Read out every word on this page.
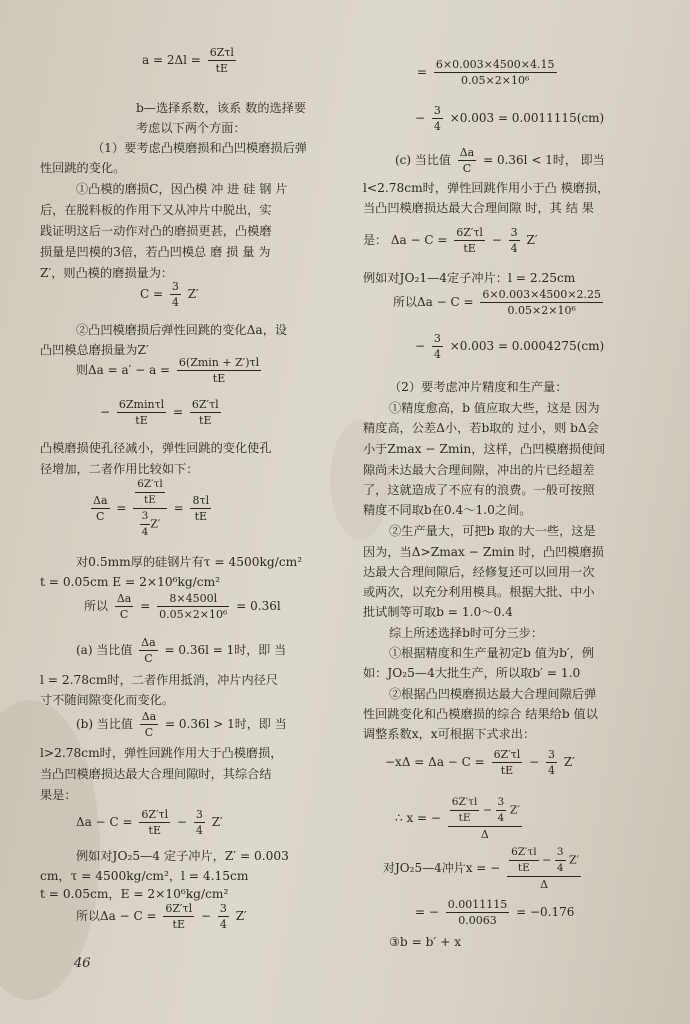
$a = 2\Delta l = \frac{\text{6Zτl}}{tE}$
b—选择系数，该系 数的选择要
考虑以下两个方面：
（1）要考虑凸模磨损和凸凹模磨损后弹
性回跳的变化。
①凸模的磨损C，因凸模 冲 进 硅 钢 片
后，在脱料板的作用下又从冲片中脱出，实
践证明这后一动作对凸的磨损更甚，凸模磨
损量是凹模的3倍，若凸凹模总 磨 损 量 为
Z′，则凸模的磨损量为：
$C = \frac{3}{4} Z'$
②凸凹模磨损后弹性回跳的变化Δa，设
凸凹模总磨损量为Z′
则$\Delta a = a' - a = \frac{6(Zmin + Z')\tau l}{tE}$
− $\frac{6Zmin\tau l}{tE} = \frac{6Z'\tau l}{tE}$
凸模磨损使孔径减小，弹性回跳的变化使孔
径增加，二者作用比较如下：
$\frac{\Delta a}{C} = \frac{\frac{6Z'\tau l}{tE}}{\frac{3}{4} Z'} = \frac{8\tau l}{tE}$
对0.5mm厚的硅钢片有τ = 4500kg/cm²
t = 0.05cm E = 2×10⁶kg/cm²
所以 $\frac{\Delta a}{C} = \frac{8\times 4500l}{\text{0.05×2×10⁶}} = 0.36l$
(a) 当比值 $\frac{\Delta a}{C} = 0.36l = 1$时，即 当
l = 2.78cm时，二者作用抵消，冲片内径尺
寸不随间隙变化而变化。
(b) 当比值 $\frac{\Delta a}{C} = 0.36l > 1$时，即 当
l>2.78cm时，弹性回跳作用大于凸模磨损，
当凸凹模磨损达最大合理间隙时，其综合结
果是：
$\Delta a - C = \frac{6Z'\tau l}{tE} - \frac{3}{4} Z'$
例如对JO₂5—4 定子冲片，Z′ = 0.003
cm，τ = 4500kg/cm²，l = 4.15cm
t = 0.05cm，E = 2×10⁶kg/cm²
所以$\Delta a - C = \frac{6Z'\tau l}{tE} - \frac{3}{4} Z'$
= $\frac{6\times 0.003\times 4500\times 4.15}{\text{0.05×2×10⁶}}$
− $\frac{3}{4} \times 0.003 = 0.0011115(cm)$
(c) 当比值 $\frac{\Delta a}{C} = 0.36l < 1$时， 即当
l<2.78cm时，弹性回跳作用小于凸 模磨损，
当凸凹模磨损达最大合理间隙 时，其 结 果
是： $\Delta a - C = \frac{6Z'\tau l}{tE} - \frac{3}{4} Z'$
例如对JO₂1—4定子冲片：l = 2.25cm
所以$\Delta a - C = \frac{6\times 0.003\times 4500\times 2.25}{\text{0.05×2×10⁶}}$
− $\frac{3}{4} \times 0.003 = 0.0004275(cm)$
（2）要考虑冲片精度和生产量：
①精度愈高，b 值应取大些，这是 因为
精度高，公差Δ小，若b取的 过小，则 bΔ会
小于Zmax − Zmin，这样，凸凹模磨损使间
隙尚未达最大合理间隙，冲出的片已经超差
了，这就造成了不应有的浪费。一般可按照
精度不同取b在0.4～1.0之间。
②生产量大，可把b 取的大一些，这是
因为，当Δ>Zmax − Zmin 时，凸凹模磨损
达最大合理间隙后，经修复还可以回用一次
或两次，以充分利用模具。根据大批、中小
批试制等可取b = 1.0～0.4
综上所述选择b时可分三步：
①根据精度和生产量初定b 值为b′，例
如：JO₂5—4大批生产，所以取b′ = 1.0
②根据凸凹模磨损达最大合理间隙后弹
性回跳变化和凸模磨损的综合 结果给b 值以
调整系数x，x可根据下式求出：
$-x\Delta = \Delta a - C = \frac{6Z'\tau l}{tE} - \frac{3}{4} Z'$
∴ x = − $\frac{\frac{6Z'\tau l}{tE} - \frac{3}{4} Z'}{\Delta}$
对JO₂5—4冲片x = − $\frac{\frac{6Z'\tau l}{tE} - \frac{3}{4} Z'}{\Delta}$
= − $\frac{0.0011115}{0.0063} = -0.176$
③b = b′ + x
46
